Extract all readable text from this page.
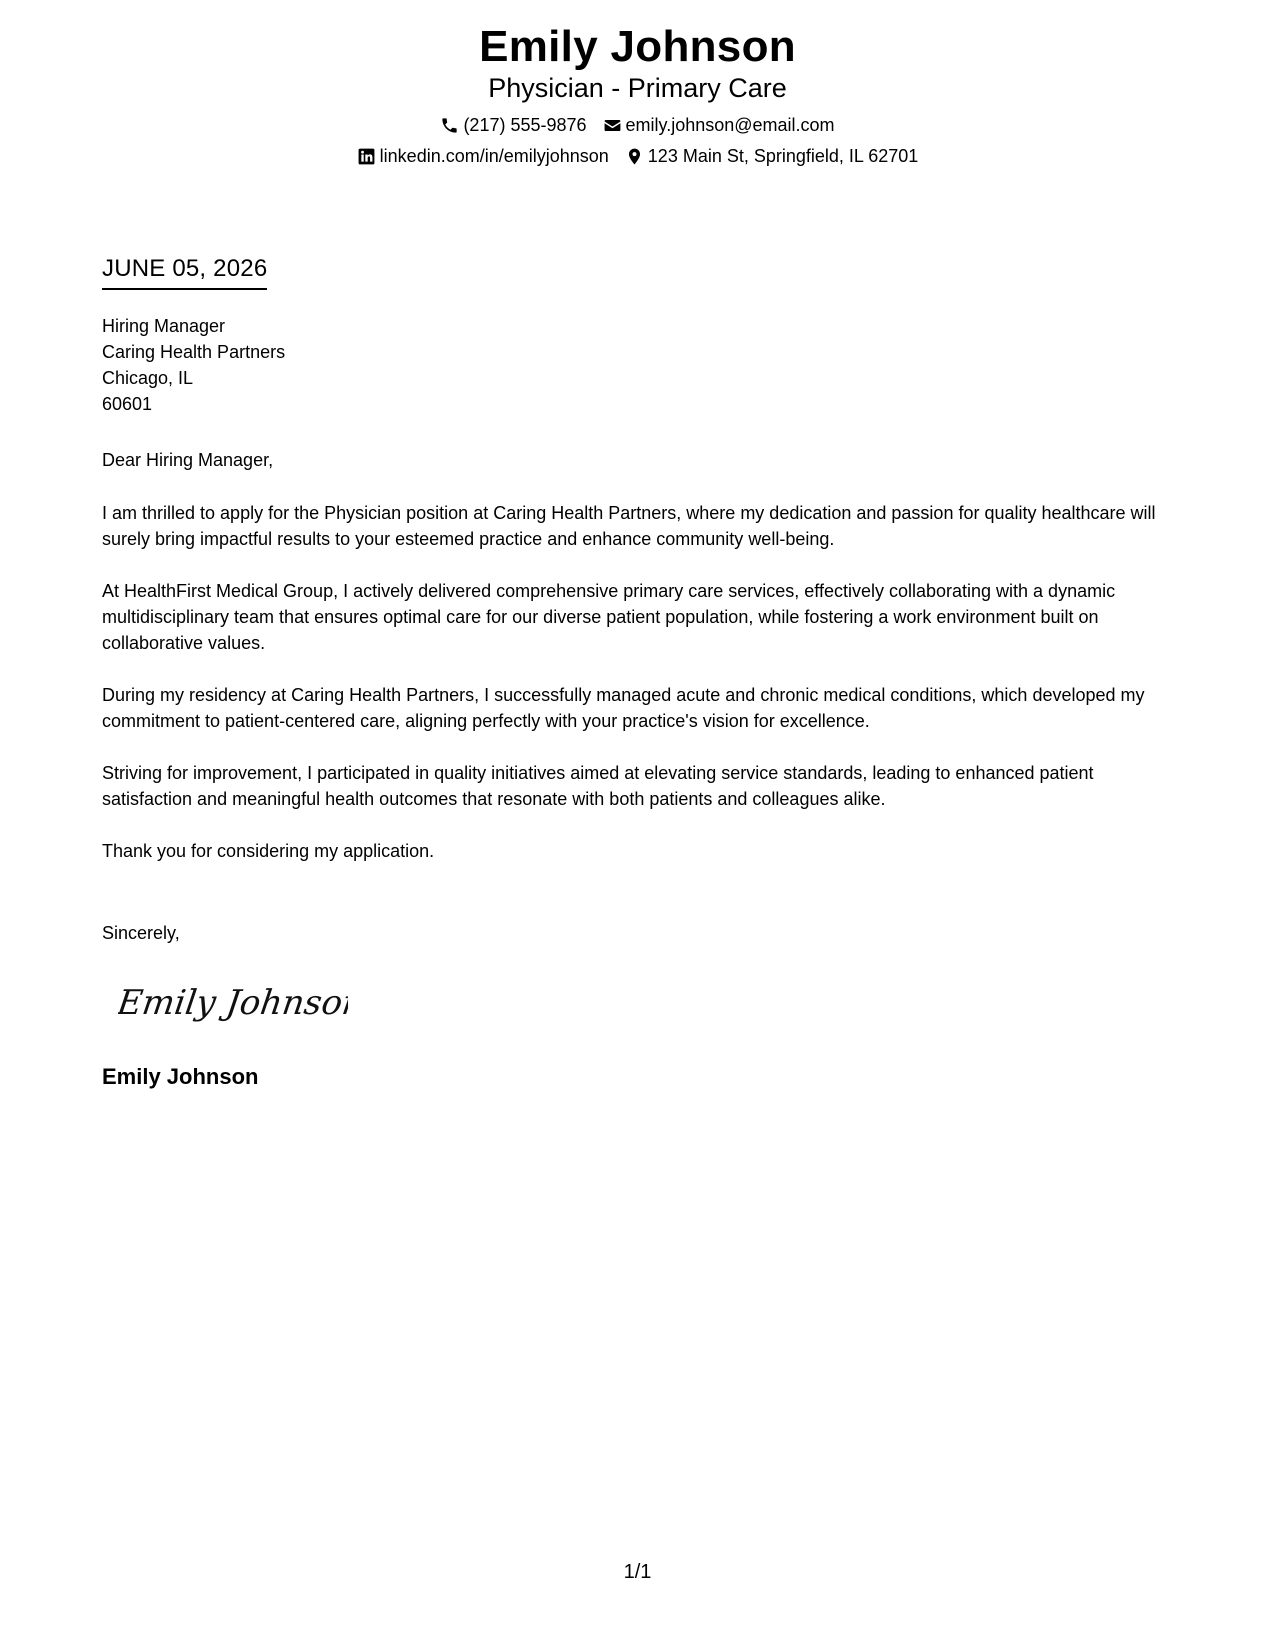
Emily Johnson
Physician - Primary Care
(217) 555-9876 emily.johnson@email.com
linkedin.com/in/emilyjohnson 123 Main St, Springfield, IL 62701
JUNE 05, 2026
Hiring Manager
Caring Health Partners
Chicago, IL
60601
Dear Hiring Manager,

I am thrilled to apply for the Physician position at Caring Health Partners, where my dedication and passion for quality healthcare will surely bring impactful results to your esteemed practice and enhance community well-being.

At HealthFirst Medical Group, I actively delivered comprehensive primary care services, effectively collaborating with a dynamic multidisciplinary team that ensures optimal care for our diverse patient population, while fostering a work environment built on collaborative values.

During my residency at Caring Health Partners, I successfully managed acute and chronic medical conditions, which developed my commitment to patient-centered care, aligning perfectly with your practice's vision for excellence.

Striving for improvement, I participated in quality initiatives aimed at elevating service standards, leading to enhanced patient satisfaction and meaningful health outcomes that resonate with both patients and colleagues alike.

Thank you for considering my application.

Sincerely,
Emily Johnson
Emily Johnson
1/1
